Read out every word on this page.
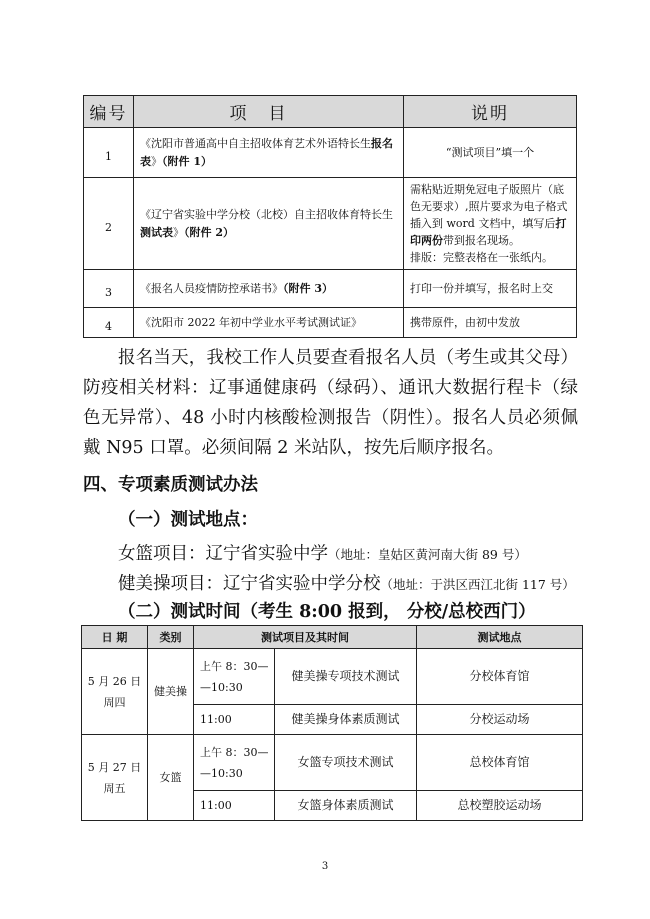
编号	项目	说明
1	《沈阳市普通高中自主招收体育艺术外语特长生报名表》（附件 1）	“测试项目”填一个
2	《辽宁省实验中学分校（北校）自主招收体育特长生测试表》（附件 2）	需粘贴近期免冠电子版照片（底色无要求）,照片要求为电子格式插入到 word 文档中，填写后打印两份带到报名现场。
排版：完整表格在一张纸内。
3	《报名人员疫情防控承诺书》（附件 3）	打印一份并填写，报名时上交
4	《沈阳市 2022 年初中学业水平考试测试证》	携带原件，由初中发放
报名当天，我校工作人员要查看报名人员（考生或其父母）防疫相关材料：辽事通健康码（绿码）、通讯大数据行程卡（绿色无异常）、48 小时内核酸检测报告（阴性）。报名人员必须佩戴 N95 口罩。必须间隔 2 米站队，按先后顺序报名。
四、专项素质测试办法
（一）测试地点：
女篮项目：辽宁省实验中学（地址：皇姑区黄河南大街 89 号）
健美操项目：辽宁省实验中学分校（地址：于洪区西江北街 117 号）
（二）测试时间（考生 8:00 报到， 分校/总校西门）
日 期	类别	测试项目及其时间		测试地点
5 月 26 日
周四	健美操	上午 8：30—
—10:30	健美操专项技术测试	分校体育馆
		11:00	健美操身体素质测试	分校运动场
5 月 27 日
周五	女篮	上午 8：30—
—10:30	女篮专项技术测试	总校体育馆
		11:00	女篮身体素质测试	总校塑胶运动场
3
